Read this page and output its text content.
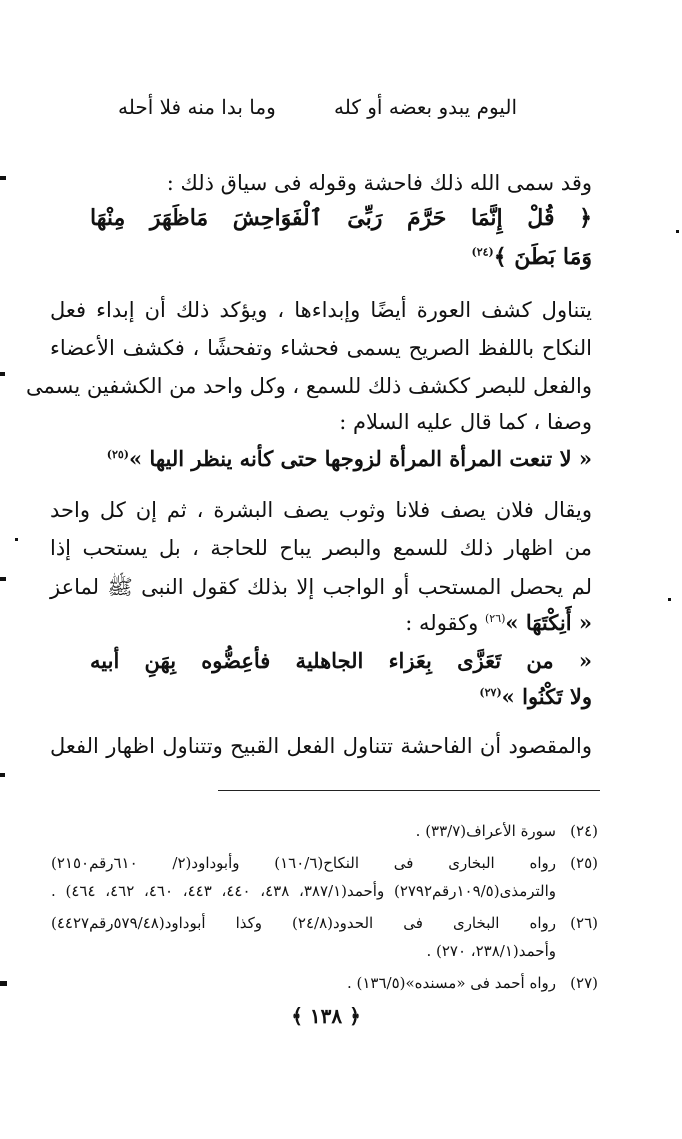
اليوم يبدو بعضه أو كله
وما بدا منه فلا أحله
وقد سمى الله ذلك فاحشة وقوله فى سياق ذلك :
﴿ قُلْ إِنَّمَا حَرَّمَ رَبِّىَ ٱلْفَوَاحِشَ مَاظَهَرَ مِنْهَا
وَمَا بَطَنَ ﴾$^{(٢٤)}$
يتناول كشف العورة أيضًا وإبداءها ، ويؤكد ذلك أن إبداء فعل
النكاح باللفظ الصريح يسمى فحشاء وتفحشًا ، فكشف الأعضاء
والفعل للبصر ككشف ذلك للسمع ، وكل واحد من الكشفين يسمى
وصفا ، كما قال عليه السلام :
« لا تنعت المرأة المرأة لزوجها حتى كأنه ينظر اليها »$^{(٢٥)}$
ويقال فلان يصف فلانا وثوب يصف البشرة ، ثم إن كل واحد
من اظهار ذلك للسمع والبصر يباح للحاجة ، بل يستحب إذا
لم يحصل المستحب أو الواجب إلا بذلك كقول النبى ﷺ لماعز
« أَنِكْتَهَا »$^{(٢٦)}$ وكقوله :
« من تَعَزَّى بِعَزاء الجاهلية فأعِضُّوه بِهَنِ أبيه
ولا تَكْنُوا »$^{(٢٧)}$
والمقصود أن الفاحشة تتناول الفعل القبيح وتتناول اظهار الفعل
(٢٤)
سورة الأعراف(٣٣/٧) .
(٢٥)
رواه البخارى فى النكاح(١٦٠/٦) وأبوداود(٢/ ٦١٠رقم٢١٥٠)
والترمذى(١٠٩/٥رقم٢٧٩٢) وأحمد(٣٨٧/١، ٤٣٨، ٤٤٠، ٤٤٣، ٤٦٠، ٤٦٢، ٤٦٤) .
(٢٦)
رواه البخارى فى الحدود(٢٤/٨) وكذا أبوداود(٥٧٩/٤٨رقم٤٤٢٧)
وأحمد(٢٣٨/١، ٢٧٠) .
(٢٧)
رواه أحمد فى «مسنده»(١٣٦/٥) .
﴿ ١٣٨ ﴾
